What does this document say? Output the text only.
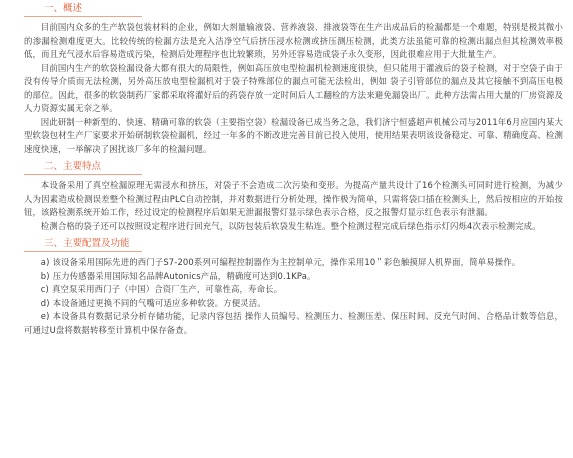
一、概述

目前国内众多的生产软袋包装材料的企业，例如大剂量输液袋、营养液袋、排液袋等在生产出成品后的检漏都是一个难题，特别是极其微小的渗漏检测难度更大。比较传统的检漏方法是充入洁净空气后挤压浸水检测或挤压测压检测，此类方法虽能可靠的检测出漏点但其检测效率极低，而且充气浸水后容易造成污染，检测后处理程序也比较繁琐，另外还容易造成袋子永久变形，因此很难应用于大批量生产。

目前国内生产的软袋检漏设备大都有很大的局限性，例如高压放电型检漏机检测速度很快，但只能用于灌液后的袋子检测，对于空袋子由于没有传导介质而无法检测，另外高压放电型检漏机对于袋子特殊部位的漏点可能无法检出，例如 袋子引管部位的漏点及其它接触不到高压电极的部位。因此，很多的软袋制药厂家都采取将灌好后的药袋存放一定时间后人工翻检的方法来避免漏袋出厂。此种方法需占用大量的厂房资源及人力资源实属无奈之举。

因此研制一种新型的、快速、精确可靠的软袋（主要指空袋）检漏设备已成当务之急，我们济宁恒盛超声机械公司与2011年6月应国内某大型软袋包材生产厂家要求开始研制软袋检漏机，经过一年多的不断改进完善目前已投入使用，使用结果表明该设备稳定、可靠、精确度高、检测速度快速，一举解决了困扰该厂多年的检漏问题。

二、主要特点

本设备采用了真空检漏原理无需浸水和挤压，对袋子不会造成二次污染和变形。为提高产量共设计了16个检测头可同时进行检测，为减少人为因素造成检测误差整个检测过程由PLC自动控制，并对数据进行分析处理，操作极为简单，只需将袋口插在检测头上，然后按相应的开始按钮，该路检测系统开始工作，经过设定的检测程序后如果无泄漏报警灯显示绿色表示合格，反之报警灯显示红色表示有泄漏。

检测合格的袋子还可以按照设定程序进行回充气，以防包装后软袋发生粘连。整个检测过程完成后绿色指示灯闪烁4次表示检测完成。

三、主要配置及功能

a) 该设备采用国际先进的西门子S7-200系列可编程控制器作为主控制单元，操作采用10＂彩色触摸屏人机界面，简单易操作。

b) 压力传感器采用国际知名品牌Autonics产品，精确度可达到0.1KPa。

c) 真空泵采用西门子（中国）合资厂生产，可靠性高，寿命长。

d) 本设备通过更换不同的气嘴可适应多种软袋。方便灵活。

e) 本设备具有数据记录分析存储功能，记录内容包括 操作人员编号、检测压力、检测压差、保压时间、反充气时间、合格品计数等信息，可通过U盘将数据转移至计算机中保存备查。
